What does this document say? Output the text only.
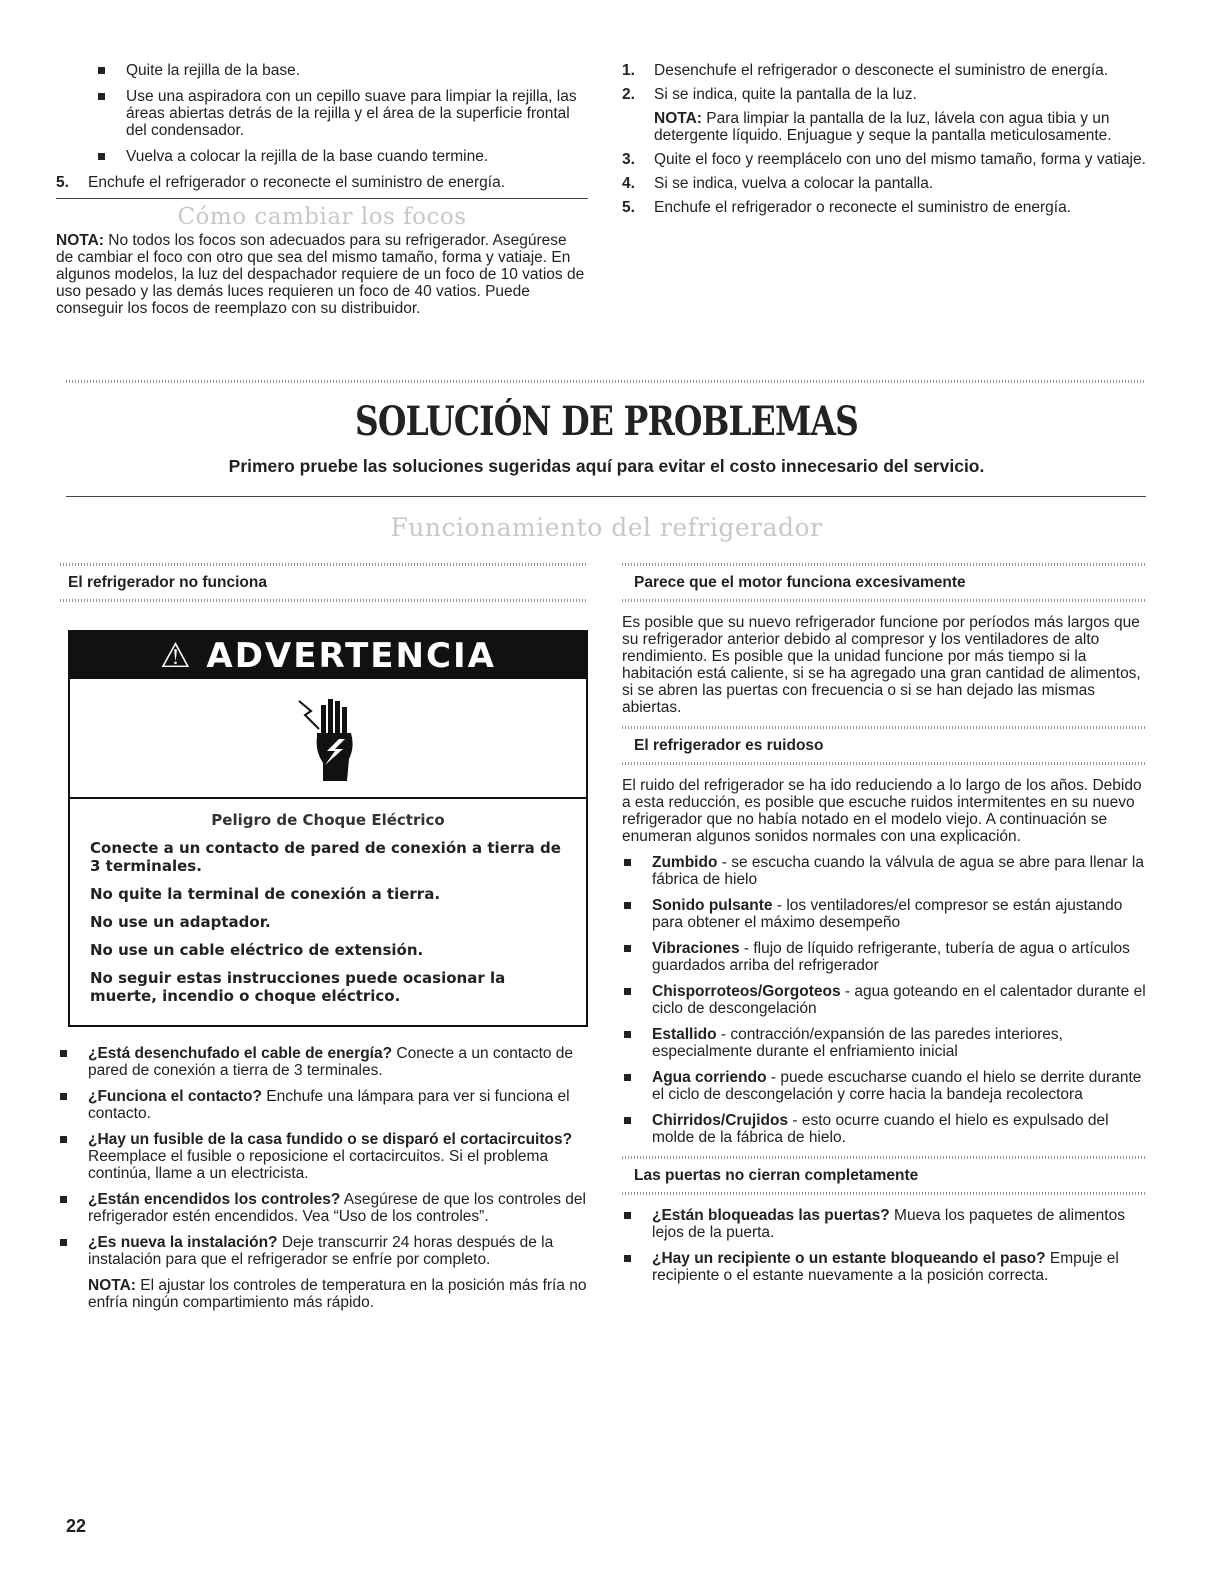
Quite la rejilla de la base.
Use una aspiradora con un cepillo suave para limpiar la rejilla, las áreas abiertas detrás de la rejilla y el área de la superficie frontal del condensador.
Vuelva a colocar la rejilla de la base cuando termine.
5. Enchufe el refrigerador o reconecte el suministro de energía.
Cómo cambiar los focos

NOTA: No todos los focos son adecuados para su refrigerador. Asegúrese de cambiar el foco con otro que sea del mismo tamaño, forma y vatiaje. En algunos modelos, la luz del despachador requiere de un foco de 10 vatios de uso pesado y las demás luces requieren un foco de 40 vatios. Puede conseguir los focos de reemplazo con su distribuidor.

1. Desenchufe el refrigerador o desconecte el suministro de energía.
2. Si se indica, quite la pantalla de la luz.
NOTA: Para limpiar la pantalla de la luz, lávela con agua tibia y un detergente líquido. Enjuague y seque la pantalla meticulosamente.
3. Quite el foco y reemplácelo con uno del mismo tamaño, forma y vatiaje.
4. Si se indica, vuelva a colocar la pantalla.
5. Enchufe el refrigerador o reconecte el suministro de energía.
SOLUCIÓN DE PROBLEMAS
Primero pruebe las soluciones sugeridas aquí para evitar el costo innecesario del servicio.
Funcionamiento del refrigerador
El refrigerador no funciona
⚠ ADVERTENCIA

Peligro de Choque Eléctrico

Conecte a un contacto de pared de conexión a tierra de 3 terminales.

No quite la terminal de conexión a tierra.

No use un adaptador.

No use un cable eléctrico de extensión.

No seguir estas instrucciones puede ocasionar la muerte, incendio o choque eléctrico.

¿Está desenchufado el cable de energía? Conecte a un contacto de pared de conexión a tierra de 3 terminales.
¿Funciona el contacto? Enchufe una lámpara para ver si funciona el contacto.
¿Hay un fusible de la casa fundido o se disparó el cortacircuitos? Reemplace el fusible o reposicione el cortacircuitos. Si el problema continúa, llame a un electricista.
¿Están encendidos los controles? Asegúrese de que los controles del refrigerador estén encendidos. Vea “Uso de los controles”.
¿Es nueva la instalación? Deje transcurrir 24 horas después de la instalación para que el refrigerador se enfríe por completo.
NOTA: El ajustar los controles de temperatura en la posición más fría no enfría ningún compartimiento más rápido.
Parece que el motor funciona excesivamente

Es posible que su nuevo refrigerador funcione por períodos más largos que su refrigerador anterior debido al compresor y los ventiladores de alto rendimiento. Es posible que la unidad funcione por más tiempo si la habitación está caliente, si se ha agregado una gran cantidad de alimentos, si se abren las puertas con frecuencia o si se han dejado las mismas abiertas.

El refrigerador es ruidoso

El ruido del refrigerador se ha ido reduciendo a lo largo de los años. Debido a esta reducción, es posible que escuche ruidos intermitentes en su nuevo refrigerador que no había notado en el modelo viejo. A continuación se enumeran algunos sonidos normales con una explicación.

Zumbido - se escucha cuando la válvula de agua se abre para llenar la fábrica de hielo
Sonido pulsante - los ventiladores/el compresor se están ajustando para obtener el máximo desempeño
Vibraciones - flujo de líquido refrigerante, tubería de agua o artículos guardados arriba del refrigerador
Chisporroteos/Gorgoteos - agua goteando en el calentador durante el ciclo de descongelación
Estallido - contracción/expansión de las paredes interiores, especialmente durante el enfriamiento inicial
Agua corriendo - puede escucharse cuando el hielo se derrite durante el ciclo de descongelación y corre hacia la bandeja recolectora
Chirridos/Crujidos - esto ocurre cuando el hielo es expulsado del molde de la fábrica de hielo.
Las puertas no cierran completamente
¿Están bloqueadas las puertas? Mueva los paquetes de alimentos lejos de la puerta.
¿Hay un recipiente o un estante bloqueando el paso? Empuje el recipiente o el estante nuevamente a la posición correcta.
22
